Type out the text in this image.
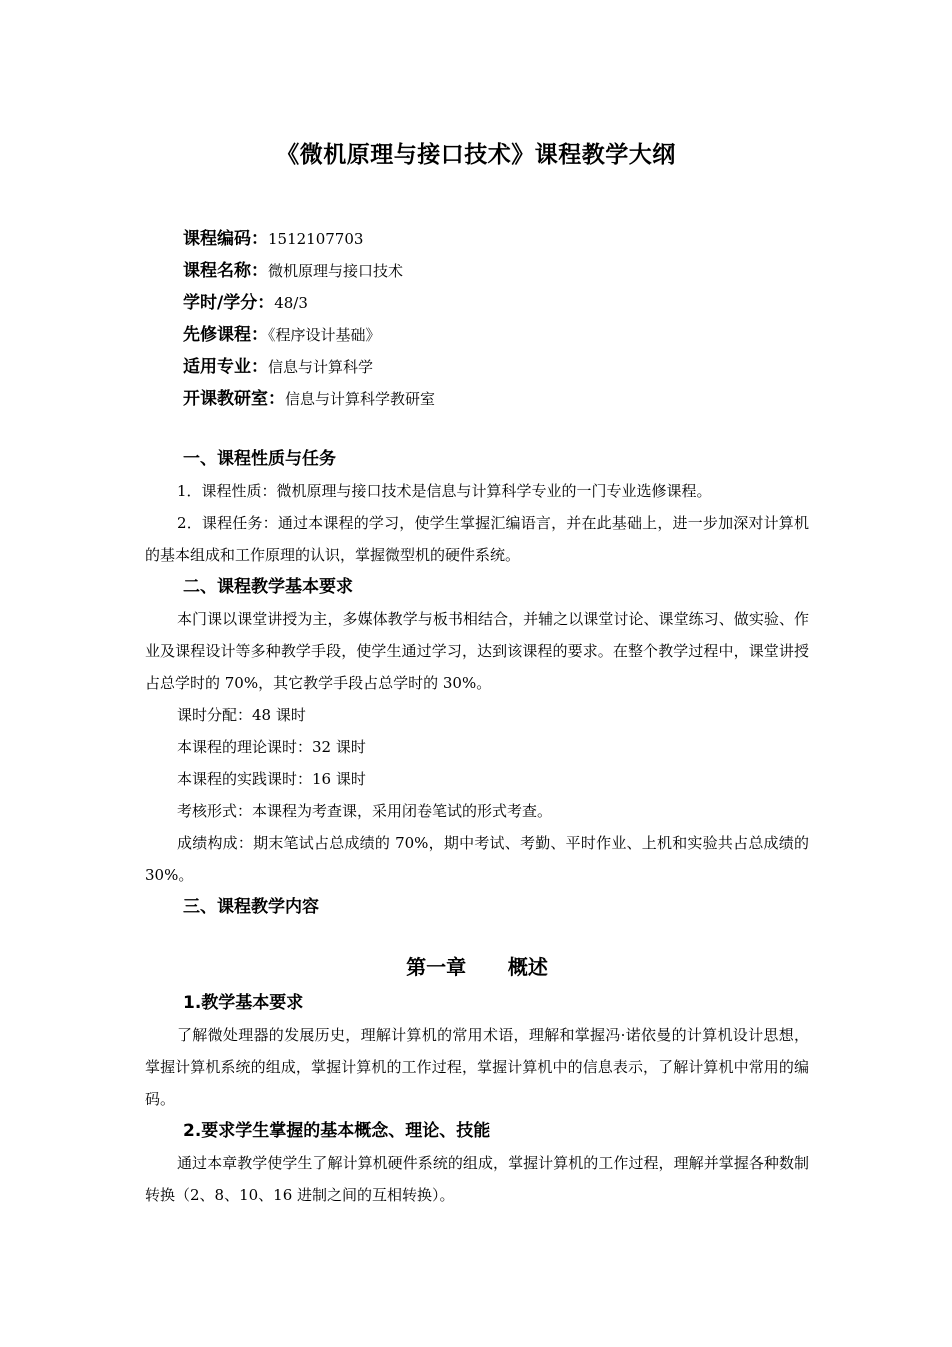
《微机原理与接口技术》课程教学大纲
课程编码：1512107703
课程名称：微机原理与接口技术
学时/学分：48/3
先修课程：《程序设计基础》
适用专业：信息与计算科学
开课教研室：信息与计算科学教研室
一、课程性质与任务

1．课程性质：微机原理与接口技术是信息与计算科学专业的一门专业选修课程。

2．课程任务：通过本课程的学习，使学生掌握汇编语言，并在此基础上，进一步加深对计算机的基本组成和工作原理的认识，掌握微型机的硬件系统。

二、课程教学基本要求

本门课以课堂讲授为主，多媒体教学与板书相结合，并辅之以课堂讨论、课堂练习、做实验、作业及课程设计等多种教学手段，使学生通过学习，达到该课程的要求。在整个教学过程中，课堂讲授占总学时的 70%，其它教学手段占总学时的 30%。

课时分配：48 课时

本课程的理论课时：32 课时

本课程的实践课时：16 课时

考核形式：本课程为考查课，采用闭卷笔试的形式考查。

成绩构成：期末笔试占总成绩的 70%，期中考试、考勤、平时作业、上机和实验共占总成绩的 30%。

三、课程教学内容
第一章      概述
1.教学基本要求

了解微处理器的发展历史，理解计算机的常用术语，理解和掌握冯·诺依曼的计算机设计思想，掌握计算机系统的组成，掌握计算机的工作过程，掌握计算机中的信息表示，了解计算机中常用的编码。

2.要求学生掌握的基本概念、理论、技能

通过本章教学使学生了解计算机硬件系统的组成，掌握计算机的工作过程，理解并掌握各种数制转换（2、8、10、16 进制之间的互相转换）。
